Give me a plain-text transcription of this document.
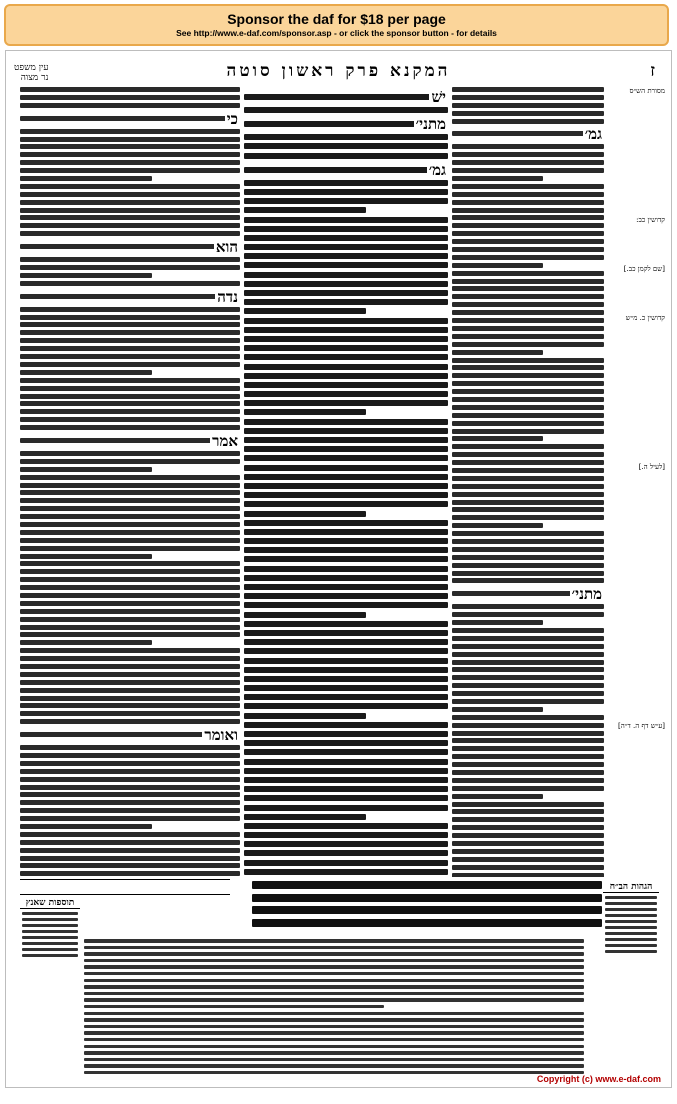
Sponsor the daf for $18 per page
See http://www.e-daf.com/sponsor.asp - or click the sponsor button - for details
עין משפט
נר מצוה	המקנא פרק ראשון סוטה	ז
מסורת הש״ס
קדושין כב:
[שם לקמן כב.]
קדושין כ. מ״ש
[לעיל ה.]
[ע״ש דף ה. ד״ה]
גמ׳
מתני׳
ישׁ
מתני׳
גמ׳
כי
הוא
נדה
אמר
ואומר
הגהות הב״ח
תוספות שאנץ
Copyright (c) www.e-daf.com
